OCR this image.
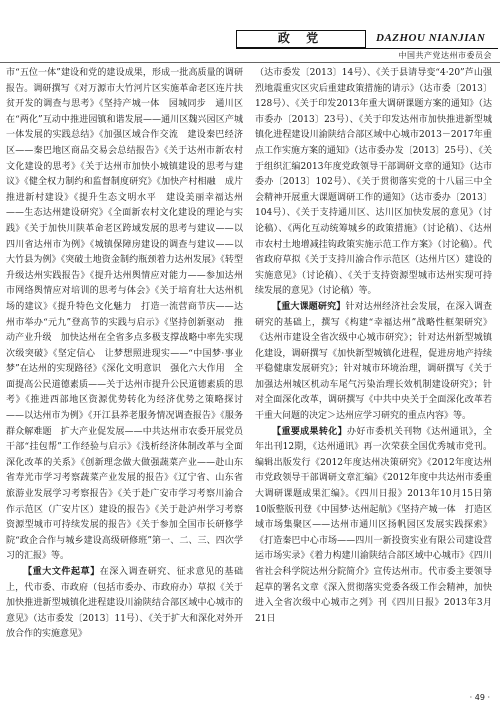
政 党	DAZHOU NIANJIAN
中国共产党达州市委员会

市“五位一体”建设和党的建设成果，形成一批高质量的调研报告。调研撰写《对万源市大竹河片区实施革命老区连片扶贫开发的调查与思考》《坚持产城一体　园城同步　通川区在“两化”互动中推进园镇和谐发展——通川区魏兴园区产城一体发展的实践总结》《加强区域合作交流　建设秦巴经济区——秦巴地区商品交易会总结报告》《关于达州市新农村文化建设的思考》《关于达州市加快小城镇建设的思考与建议》《健全权力制约和监督制度研究》《加快产村相融　成片推进新村建设》《提升生态文明水平　建设美丽幸福达州——生态达州建设研究》《全面新农村文化建设的理论与实践》《关于加快川陕革命老区跨域发展的思考与建议——以四川省达州市为例》《城镇保障房建设的调查与建议——以大竹县为例》《突破土地资金制约瓶颈着力达州发展》《转型升级达州实践报告》《提升达州舆情应对能力——参加达州市网络舆情应对培训的思考与体会》《关于培育壮大达州机场的建议》《提升特色文化魅力　打造一流营商节庆——达州市举办“元九”登高节的实践与启示》《坚持创新驱动　推动产业升级　加快达州在全省多点多极支撑战略中率先实现次级突破》《坚定信心　让梦想照进现实——“中国梦·事业梦”在达州的实现路径》《深化文明意识　强化六大作用　全面提高公民道德素质——关于达州市提升公民道德素质的思考》《推进西部地区资源优势转化为经济优势之策略探讨——以达州市为例》《开江县养老服务情况调查报告》《服务群众解难题　扩大产业促发展——中共达州市农委开展党员干部“挂包帮”工作经验与启示》《浅析经济体制改革与全面深化改革的关系》《创新理念做大做强蔬菜产业——赴山东省寿光市学习考察蔬菜产业发展的报告》《辽宁省、山东省旅游业发展学习考察报告》《关于赴广安市学习考察川渝合作示范区（广安片区）建设的报告》《关于赴泸州学习考察资源型城市可持续发展的报告》《关于参加全国市长研修学院“政企合作与城乡建设高级研修班”第一、二、三、四次学习的汇报》等。

【重大文件起草】在深入调查研究、征求意见的基础上，代市委、市政府（包括市委办、市政府办）草拟《关于加快推进新型城镇化进程建设川渝陕结合部区域中心城市的意见》（达市委发〔2013〕11号）、《关于扩大和深化对外开放合作的实施意见》

（达市委发〔2013〕14号）、《关于县请导变“4·20”芦山强烈地震重灾区灾后重建政策措施的请示》（达市委〔2013〕128号）、《关于印发2013年重大调研课题方案的通知》（达市委办〔2013〕23号）、《关于印发达州市加快推进新型城镇化进程建设川渝陕结合部区域中心城市2013－2017年重点工作实施方案的通知》（达市委办发〔2013〕25号）、《关于组织汇编2013年度党政领导干部调研文章的通知》（达市委办〔2013〕102号）、《关于贯彻落实党的十八届三中全会精神开展重大课题调研工作的通知》（达市委办〔2013〕104号）、《关于支持通川区、达川区加快发展的意见》（讨论稿）、《两化互动统筹城乡的政策措施》（讨论稿）、《达州市农村土地增减挂钩政策实施示范工作方案》（讨论稿）。代省政府草拟《关于支持川渝合作示范区（达州片区）建设的实施意见》（讨论稿）、《关于支持资源型城市达州实现可持续发展的意见》（讨论稿）等。

【重大课题研究】针对达州经济社会发展，在深入调查研究的基础上，撰写《构建“幸福达州”战略性框架研究》《达州市建设全省次级中心城市研究》；针对达州新型城镇化建设，调研撰写《加快新型城镇化进程，促进房地产持续平稳健康发展研究》；针对城市环境治理，调研撰写《关于加强达州城区机动车尾气污染治理长效机制建设研究》；针对全面深化改革，调研撰写《中共中央关于全面深化改革若干重大问题的决定＞达州应学习研究的重点内容》等。

【重要成果转化】办好市委机关刊物《达州通讯》，全年出刊12期，《达州通讯》再一次荣获全国优秀城市党刊。编辑出版发行《2012年度达州决策研究》《2012年度达州市党政领导干部调研文章汇编》《2012年度中共达州市委重大调研课题成果汇编》。《四川日报》2013年10月15日第10版整版刊登《中国梦·达州起航》《坚持产城一体　打造区域市场集聚区——达州市通川区扬帆园区发展实践探索》《打造秦巴中心市场——四川一新投资实业有限公司建设营运市场实录》《着力构建川渝陕结合部区域中心城市》《四川省社会科学院达州分院简介》宣传达州市。代市委主要领导起草的署名文章《深入贯彻落实党委各级工作会精神，加快进入全省次级中心城市之列》刊《四川日报》2013年3月21日

· 49 ·
